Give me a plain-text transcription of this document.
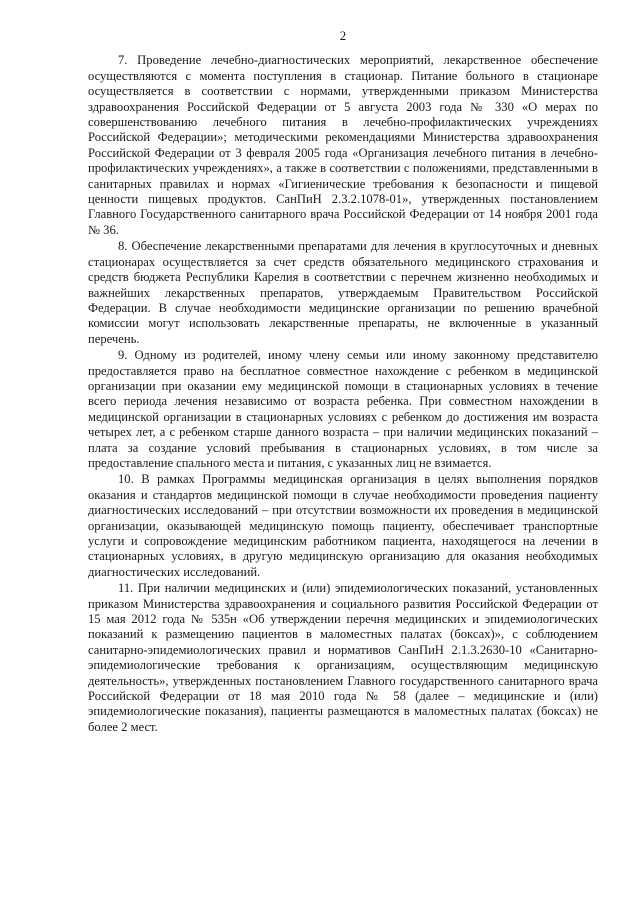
2

7. Проведение лечебно-диагностических мероприятий, лекарственное обеспечение осуществляются с момента поступления в стационар. Питание больного в стационаре осуществляется в соответствии с нормами, утвержденными приказом Министерства здравоохранения Российской Федерации от 5 августа 2003 года № 330 «О мерах по совершенствованию лечебного питания в лечебно-профилактических учреждениях Российской Федерации»; методическими рекомендациями Министерства здравоохранения Российской Федерации от 3 февраля 2005 года «Организация лечебного питания в лечебно-профилактических учреждениях», а также в соответствии с положениями, представленными в санитарных правилах и нормах «Гигиенические требования к безопасности и пищевой ценности пищевых продуктов. СанПиН 2.3.2.1078-01», утвержденных постановлением Главного Государственного санитарного врача Российской Федерации от 14 ноября 2001 года № 36.

8. Обеспечение лекарственными препаратами для лечения в круглосуточных и дневных стационарах осуществляется за счет средств обязательного медицинского страхования и средств бюджета Республики Карелия в соответствии с перечнем жизненно необходимых и важнейших лекарственных препаратов, утверждаемым Правительством Российской Федерации. В случае необходимости медицинские организации по решению врачебной комиссии могут использовать лекарственные препараты, не включенные в указанный перечень.

9. Одному из родителей, иному члену семьи или иному законному представителю предоставляется право на бесплатное совместное нахождение с ребенком в медицинской организации при оказании ему медицинской помощи в стационарных условиях в течение всего периода лечения независимо от возраста ребенка. При совместном нахождении в медицинской организации в стационарных условиях с ребенком до достижения им возраста четырех лет, а с ребенком старше данного возраста – при наличии медицинских показаний – плата за создание условий пребывания в стационарных условиях, в том числе за предоставление спального места и питания, с указанных лиц не взимается.

10. В рамках Программы медицинская организация в целях выполнения порядков оказания и стандартов медицинской помощи в случае необходимости проведения пациенту диагностических исследований – при отсутствии возможности их проведения в медицинской организации, оказывающей медицинскую помощь пациенту, обеспечивает транспортные услуги и сопровождение медицинским работником пациента, находящегося на лечении в стационарных условиях, в другую медицинскую организацию для оказания необходимых диагностических исследований.

11. При наличии медицинских и (или) эпидемиологических показаний, установленных приказом Министерства здравоохранения и социального развития Российской Федерации от 15 мая 2012 года № 535н «Об утверждении перечня медицинских и эпидемиологических показаний к размещению пациентов в маломестных палатах (боксах)», с соблюдением санитарно-эпидемиологических правил и нормативов СанПиН 2.1.3.2630-10 «Санитарно-эпидемиологические требования к организациям, осуществляющим медицинскую деятельность», утвержденных постановлением Главного государственного санитарного врача Российской Федерации от 18 мая 2010 года № 58 (далее – медицинские и (или) эпидемиологические показания), пациенты размещаются в маломестных палатах (боксах) не более 2 мест.
